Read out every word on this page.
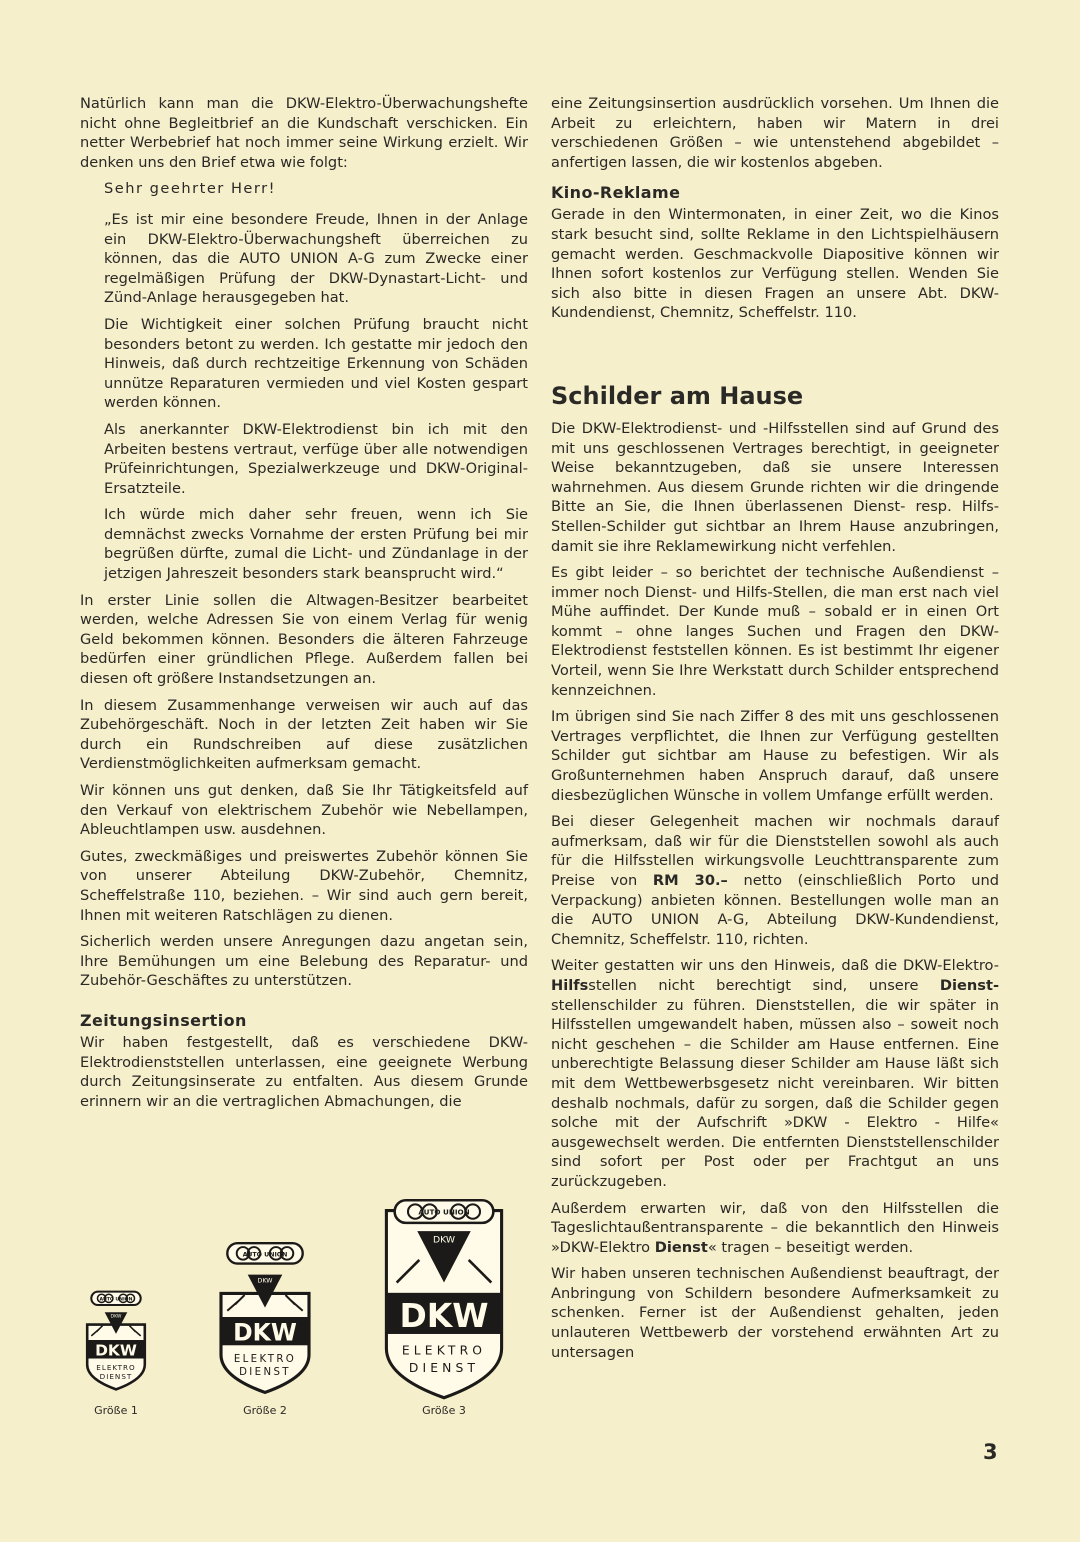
Natürlich kann man die DKW-Elektro-Überwachungshefte nicht ohne Begleitbrief an die Kundschaft verschicken. Ein netter Werbebrief hat noch immer seine Wirkung erzielt. Wir denken uns den Brief etwa wie folgt:

Sehr geehrter Herr!

„Es ist mir eine besondere Freude, Ihnen in der Anlage ein DKW-Elektro-Überwachungsheft überreichen zu können, das die AUTO UNION A-G zum Zwecke einer regelmäßigen Prüfung der DKW-Dynastart-Licht- und Zünd-Anlage herausgegeben hat.

Die Wichtigkeit einer solchen Prüfung braucht nicht besonders betont zu werden. Ich gestatte mir jedoch den Hinweis, daß durch rechtzeitige Erkennung von Schäden unnütze Reparaturen vermieden und viel Kosten gespart werden können.

Als anerkannter DKW-Elektrodienst bin ich mit den Arbeiten bestens vertraut, verfüge über alle notwendigen Prüfeinrichtungen, Spezialwerkzeuge und DKW-Original-Ersatzteile.

Ich würde mich daher sehr freuen, wenn ich Sie demnächst zwecks Vornahme der ersten Prüfung bei mir begrüßen dürfte, zumal die Licht- und Zündanlage in der jetzigen Jahreszeit besonders stark beansprucht wird.“

In erster Linie sollen die Altwagen-Besitzer bearbeitet werden, welche Adressen Sie von einem Verlag für wenig Geld bekommen können. Besonders die älteren Fahrzeuge bedürfen einer gründlichen Pflege. Außerdem fallen bei diesen oft größere Instandsetzungen an.

In diesem Zusammenhange verweisen wir auch auf das Zubehörgeschäft. Noch in der letzten Zeit haben wir Sie durch ein Rundschreiben auf diese zusätzlichen Verdienstmöglichkeiten aufmerksam gemacht.

Wir können uns gut denken, daß Sie Ihr Tätigkeitsfeld auf den Verkauf von elektrischem Zubehör wie Nebellampen, Ableuchtlampen usw. ausdehnen.

Gutes, zweckmäßiges und preiswertes Zubehör können Sie von unserer Abteilung DKW-Zubehör, Chemnitz, Scheffelstraße 110, beziehen. – Wir sind auch gern bereit, Ihnen mit weiteren Ratschlägen zu dienen.

Sicherlich werden unsere Anregungen dazu angetan sein, Ihre Bemühungen um eine Belebung des Reparatur- und Zubehör-Geschäftes zu unterstützen.

Zeitungsinsertion

Wir haben festgestellt, daß es verschiedene DKW-Elektrodienststellen unterlassen, eine geeignete Werbung durch Zeitungsinserate zu entfalten. Aus diesem Grunde erinnern wir an die vertraglichen Abmachungen, die

eine Zeitungsinsertion ausdrücklich vorsehen. Um Ihnen die Arbeit zu erleichtern, haben wir Matern in drei verschiedenen Größen – wie untenstehend abgebildet – anfertigen lassen, die wir kostenlos abgeben.

Kino-Reklame

Gerade in den Wintermonaten, in einer Zeit, wo die Kinos stark besucht sind, sollte Reklame in den Lichtspielhäusern gemacht werden. Geschmackvolle Diapositive können wir Ihnen sofort kostenlos zur Verfügung stellen. Wenden Sie sich also bitte in diesen Fragen an unsere Abt. DKW-Kundendienst, Chemnitz, Scheffelstr. 110.

Schilder am Hause

Die DKW-Elektrodienst- und -Hilfsstellen sind auf Grund des mit uns geschlossenen Vertrages berechtigt, in geeigneter Weise bekanntzugeben, daß sie unsere Interessen wahrnehmen. Aus diesem Grunde richten wir die dringende Bitte an Sie, die Ihnen überlassenen Dienst- resp. Hilfs-Stellen-Schilder gut sichtbar an Ihrem Hause anzubringen, damit sie ihre Reklamewirkung nicht verfehlen.

Es gibt leider – so berichtet der technische Außendienst – immer noch Dienst- und Hilfs-Stellen, die man erst nach viel Mühe auffindet. Der Kunde muß – sobald er in einen Ort kommt – ohne langes Suchen und Fragen den DKW-Elektrodienst feststellen können. Es ist bestimmt Ihr eigener Vorteil, wenn Sie Ihre Werkstatt durch Schilder entsprechend kennzeichnen.

Im übrigen sind Sie nach Ziffer 8 des mit uns geschlossenen Vertrages verpflichtet, die Ihnen zur Verfügung gestellten Schilder gut sichtbar am Hause zu befestigen. Wir als Großunternehmen haben Anspruch darauf, daß unsere diesbezüglichen Wünsche in vollem Umfange erfüllt werden.

Bei dieser Gelegenheit machen wir nochmals darauf aufmerksam, daß wir für die Dienststellen sowohl als auch für die Hilfsstellen wirkungsvolle Leuchttransparente zum Preise von RM 30.– netto (einschließlich Porto und Verpackung) anbieten können. Bestellungen wolle man an die AUTO UNION A-G, Abteilung DKW-Kundendienst, Chemnitz, Scheffelstr. 110, richten.

Weiter gestatten wir uns den Hinweis, daß die DKW-Elektro-Hilfsstellen nicht berechtigt sind, unsere Dienst-stellenschilder zu führen. Dienststellen, die wir später in Hilfsstellen umgewandelt haben, müssen also – soweit noch nicht geschehen – die Schilder am Hause entfernen. Eine unberechtigte Belassung dieser Schilder am Hause läßt sich mit dem Wettbewerbsgesetz nicht vereinbaren. Wir bitten deshalb nochmals, dafür zu sorgen, daß die Schilder gegen solche mit der Aufschrift »DKW - Elektro - Hilfe« ausgewechselt werden. Die entfernten Dienststellenschilder sind sofort per Post oder per Frachtgut an uns zurückzugeben.

Außerdem erwarten wir, daß von den Hilfsstellen die Tageslichtaußentransparente – die bekanntlich den Hinweis »DKW-Elektro Dienst« tragen – beseitigt werden.

Wir haben unseren technischen Außendienst beauftragt, der Anbringung von Schildern besondere Aufmerksamkeit zu schenken. Ferner ist der Außendienst gehalten, jeden unlauteren Wettbewerb der vorstehend erwähnten Art zu untersagen

AUTO UNION
DKW
DKW
ELEKTRO
DIENST
Größe 1
AUTO UNION
DKW
DKW
ELEKTRO
DIENST
Größe 2
AUTO UNION
DKW
DKW
ELEKTRO
DIENST
Größe 3
3
